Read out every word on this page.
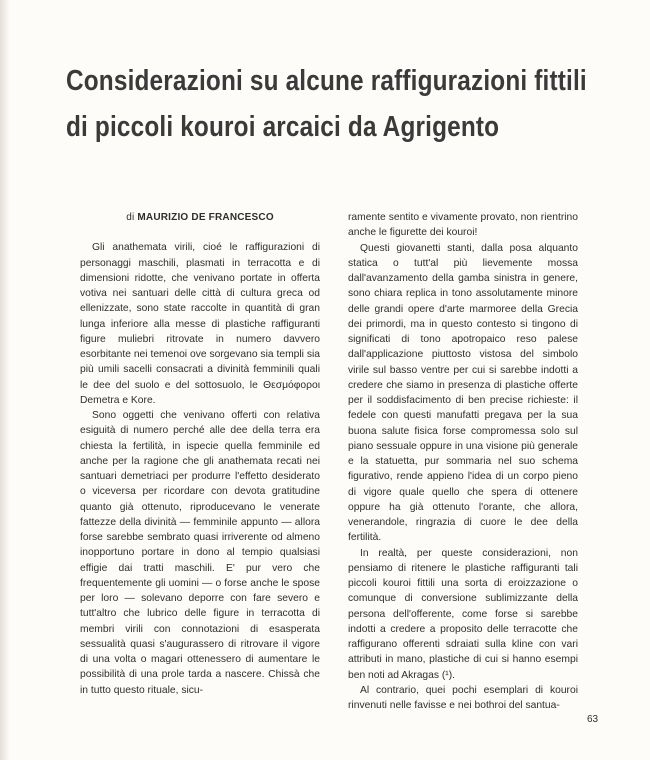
Considerazioni su alcune raffigurazioni fittili
di piccoli kouroi arcaici da Agrigento
di MAURIZIO DE FRANCESCO

Gli anathemata virili, cioé le raffigurazioni di personaggi maschili, plasmati in terracotta e di dimensioni ridotte, che venivano portate in offerta votiva nei santuari delle città di cultura greca od ellenizzate, sono state raccolte in quantità di gran lunga inferiore alla messe di plastiche raffiguranti figure muliebri ritrovate in numero davvero esorbitante nei temenoi ove sorgevano sia templi sia più umili sacelli consacrati a divinità femminili quali le dee del suolo e del sottosuolo, le Θεσμόφοροι Demetra e Kore.

Sono oggetti che venivano offerti con relativa esiguità di numero perché alle dee della terra era chiesta la fertilità, in ispecie quella femminile ed anche per la ragione che gli anathemata recati nei santuari demetriaci per produrre l'effetto desiderato o viceversa per ricordare con devota gratitudine quanto già ottenuto, riproducevano le venerate fattezze della divinità — femminile appunto — allora forse sarebbe sembrato quasi irriverente od almeno inopportuno portare in dono al tempio qualsiasi effigie dai tratti maschili. E' pur vero che frequentemente gli uomini — o forse anche le spose per loro — solevano deporre con fare severo e tutt'altro che lubrico delle figure in terracotta di membri virili con connotazioni di esasperata sessualità quasi s'augurassero di ritrovare il vigore di una volta o magari ottenessero di aumentare le possibilità di una prole tarda a nascere. Chissà che in tutto questo rituale, sicu-

ramente sentito e vivamente provato, non rientrino anche le figurette dei kouroi!

Questi giovanetti stanti, dalla posa alquanto statica o tutt'al più lievemente mossa dall'avanzamento della gamba sinistra in genere, sono chiara replica in tono assolutamente minore delle grandi opere d'arte marmoree della Grecia dei primordi, ma in questo contesto si tingono di significati di tono apotropaico reso palese dall'applicazione piuttosto vistosa del simbolo virile sul basso ventre per cui si sarebbe indotti a credere che siamo in presenza di plastiche offerte per il soddisfacimento di ben precise richieste: il fedele con questi manufatti pregava per la sua buona salute fisica forse compromessa solo sul piano sessuale oppure in una visione più generale e la statuetta, pur sommaria nel suo schema figurativo, rende appieno l'idea di un corpo pieno di vigore quale quello che spera di ottenere oppure ha già ottenuto l'orante, che allora, venerandole, ringrazia di cuore le dee della fertilità.

In realtà, per queste considerazioni, non pensiamo di ritenere le plastiche raffiguranti tali piccoli kouroi fittili una sorta di eroizzazione o comunque di conversione sublimizzante della persona dell'offerente, come forse si sarebbe indotti a credere a proposito delle terracotte che raffigurano offerenti sdraiati sulla kline con vari attributi in mano, plastiche di cui si hanno esempi ben noti ad Akragas (¹).

Al contrario, quei pochi esemplari di kouroi rinvenuti nelle favisse e nei bothroi del santua-

63
